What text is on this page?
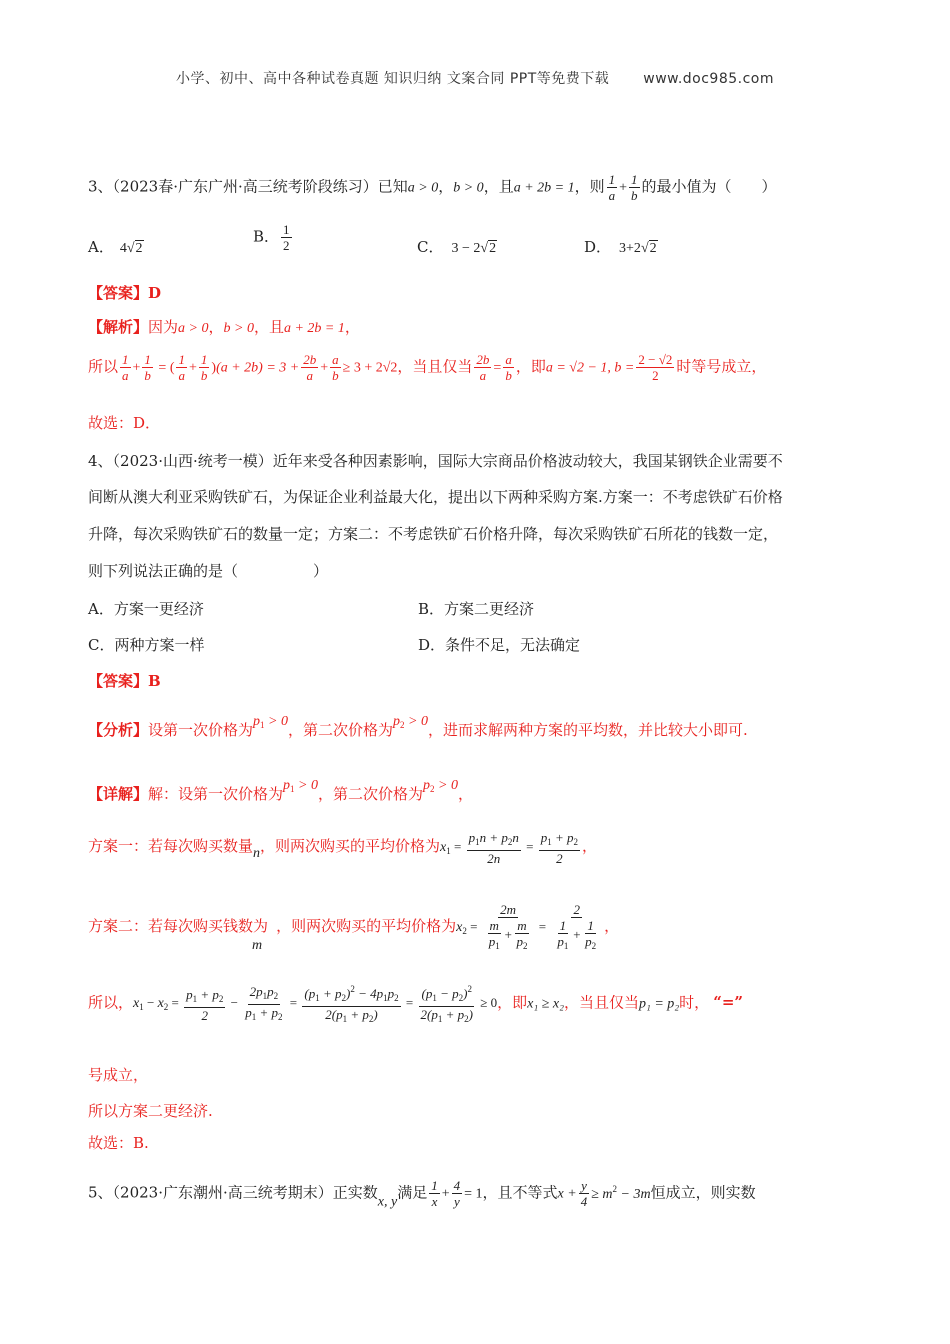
小学、初中、高中各种试卷真题 知识归纳 文案合同 PPT等免费下载 www.doc985.com
3、（2023春·广东广州·高三统考阶段练习）已知a > 0，b > 0，且a + 2b = 1，则 $\frac{1}{a} + \frac{1}{b}$ 的最小值为（　　）
A． 4√2
B． $\frac{1}{2}$	C． 3 − 2√2	D． 3+2√2
【答案】D
【解析】因为a > 0，b > 0，且a + 2b = 1，
所以 $\frac{1}{a} + \frac{1}{b}$ = ( $\frac{1}{a} + \frac{1}{b} )(a + 2b) = 3 + \frac{2b}{a} + \frac{a}{b} \ge 3 + 2√2$，当且仅当 $\frac{2b}{a} = \frac{a}{b}$ ，即a = √2 − 1, $b = \frac{2 - √2}{2}$ 时等号成立，
故选：D．
4、（2023·山西·统考一模）近年来受各种因素影响，国际大宗商品价格波动较大，我国某钢铁企业需要不
间断从澳大利亚采购铁矿石，为保证企业利益最大化，提出以下两种采购方案.方案一：不考虑铁矿石价格
升降，每次采购铁矿石的数量一定；方案二：不考虑铁矿石价格升降，每次采购铁矿石所花的钱数一定，
则下列说法正确的是（　　　　　）
A．方案一更经济	B．方案二更经济
C．两种方案一样	D．条件不足，无法确定
【答案】B
【分析】设第一次价格为$p_1 > 0$，第二次价格为$p_2 > 0$，进而求解两种方案的平均数，并比较大小即可.
【详解】解：设第一次价格为$p_1 > 0$，第二次价格为$p_2 > 0$，
方案一：若每次购买数量n，则两次购买的平均价格为$x_1 = \frac{p_1n + p_2n}{2n} = \frac{p_1 + p_2}{2}$ ，
方案二：若每次购买钱数为m，则两次购买的平均价格为$x_2 = \frac{2m}{\frac{m}{p_1} + \frac{m}{p_2}} = \frac{2}{\frac{1}{p_1} + \frac{1}{p_2}}$ ，
所以，$x_1 - x_2 = \frac{p_1 + p_2}{2} - \frac{2p_1p_2}{p_1 + p_2} = \frac{(p_1 + p_2)^2 - 4p_1p_2}{2(p_1 + p_2)} = \frac{(p_1 - p_2)^2}{2(p_1 + p_2)} \ge 0$，即x₁ ≥ x₂，当且仅当p₁ = p₂时， “=”
号成立，
所以方案二更经济.
故选：B.
5、（2023·广东潮州·高三统考期末）正实数x, y满足 $\frac{1}{x} + \frac{4}{y} = 1$，且不等式$x + \frac{y}{4} \ge m^2 - 3m$恒成立，则实数
